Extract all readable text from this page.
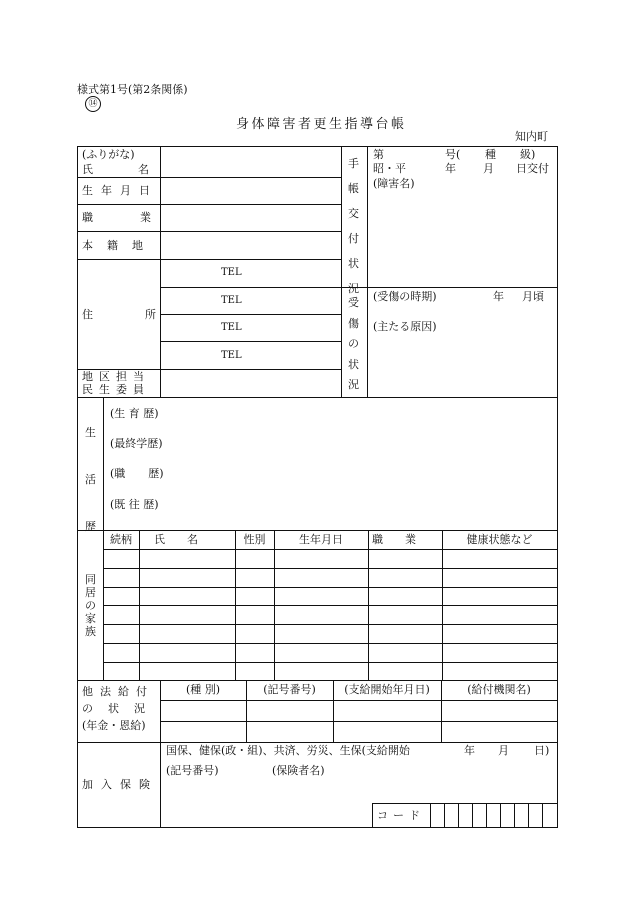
様式第1号(第2条関係)
⑭
身体障害者更生指導台帳
知内町
(ふりがな)
氏名
生年月日
職業
本籍地
住所
TEL
TEL
TEL
TEL
地区担当
民生委員
手帳交付状況
第	号( 種 級)
昭・平	年 月 日交付
(障害名)
受傷の状況
(受傷の時期)	年 月頃
(主たる原因)
生活歴
(生 育 歴)
(最終学歴)
(職 歴)
(既 往 歴)
同居の家族
続柄	氏名	性別	生年月日	職業	健康状態など
他法給付
の状況
(年金・恩給)
(種 別)	(記号番号)	(支給開始年月日)	(給付機関名)
加入保険
国保、健保(政・組)、共済、労災、生保(支給開始	年 月 日)
(記号番号)	(保険者名)
コード
